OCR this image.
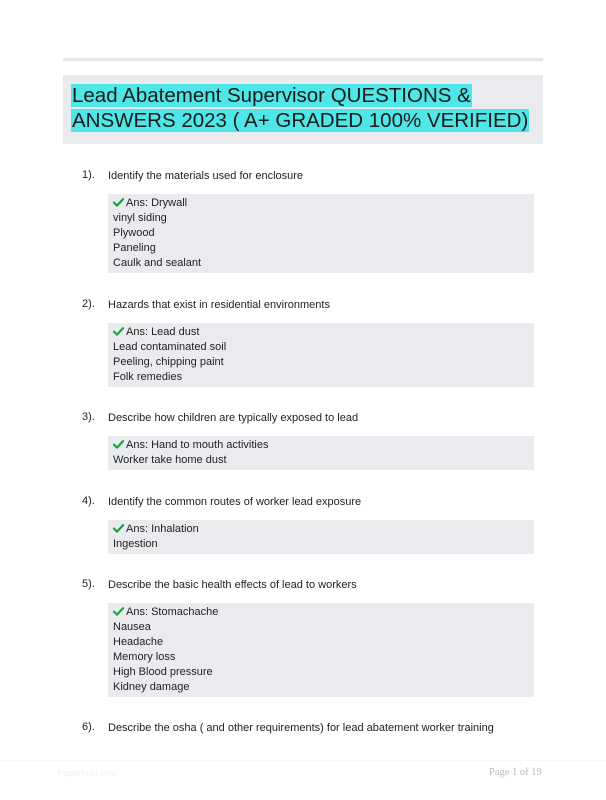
Lead Abatement Supervisor QUESTIONS & ANSWERS 2023 ( A+ GRADED 100% VERIFIED)
1). Identify the materials used for enclosure
Ans: Drywall
vinyl siding
Plywood
Paneling
Caulk and sealant
2). Hazards that exist in residential environments
Ans: Lead dust
Lead contaminated soil
Peeling, chipping paint
Folk remedies
3). Describe how children are typically exposed to lead
Ans: Hand to mouth activities
Worker take home dust
4). Identify the common routes of worker lead exposure
Ans: Inhalation
Ingestion
5). Describe the basic health effects of lead to workers
Ans: Stomachache
Nausea
Headache
Memory loss
High Blood pressure
Kidney damage
6). Describe the osha ( and other requirements) for lead abatement worker training
Paperfolio.com	Page 1 of 19
